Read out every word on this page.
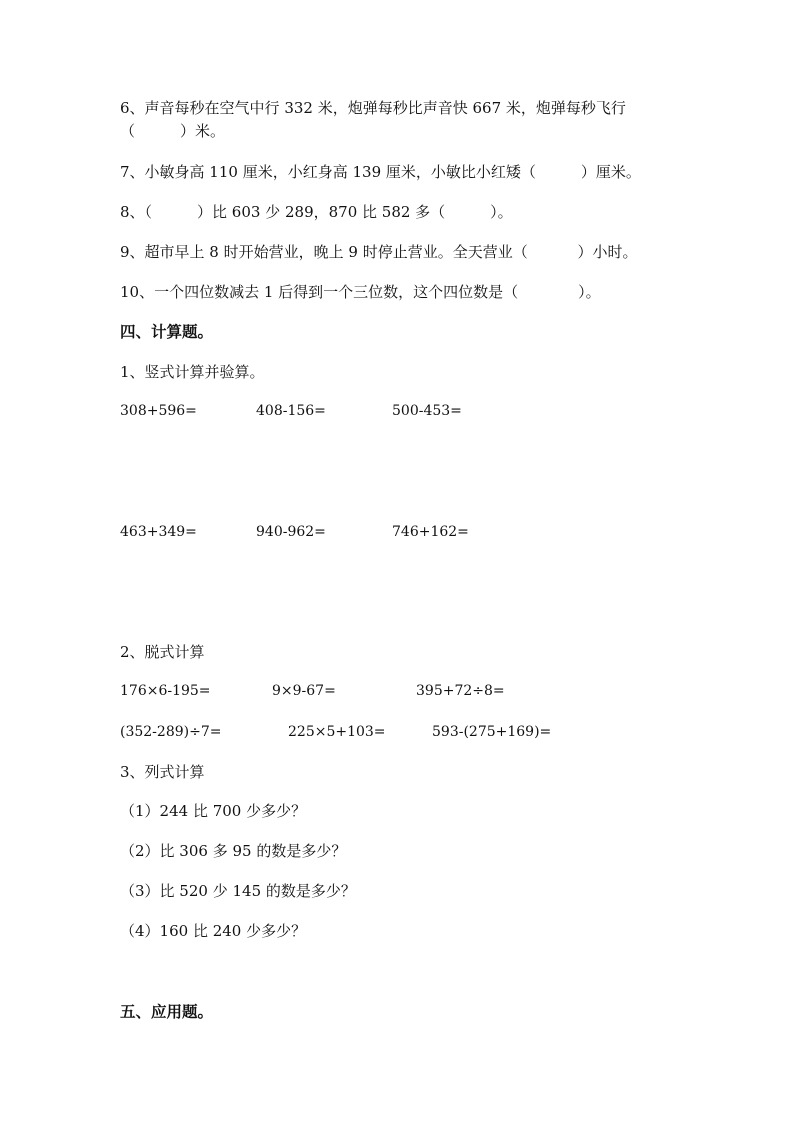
6、声音每秒在空气中行 332 米，炮弹每秒比声音快 667 米，炮弹每秒飞行
（　　　）米。
7、小敏身高 110 厘米，小红身高 139 厘米，小敏比小红矮（　　　）厘米。
8、（　　　）比 603 少 289，870 比 582 多（　　　）。
9、超市早上 8 时开始营业，晚上 9 时停止营业。全天营业（　　　 ）小时。
10、一个四位数减去 1 后得到一个三位数，这个四位数是（　　　　）。
四、计算题。
1、竖式计算并验算。
308+596=	408-156=	500-453=
463+349=	940-962=	746+162=
2、脱式计算
176×6-195=	9×9-67=	395+72÷8=
(352-289)÷7=	225×5+103=	593-(275+169)=
3、列式计算
（1）244 比 700 少多少？
（2）比 306 多 95 的数是多少？
（3）比 520 少 145 的数是多少？
（4）160 比 240 少多少？
五、应用题。
